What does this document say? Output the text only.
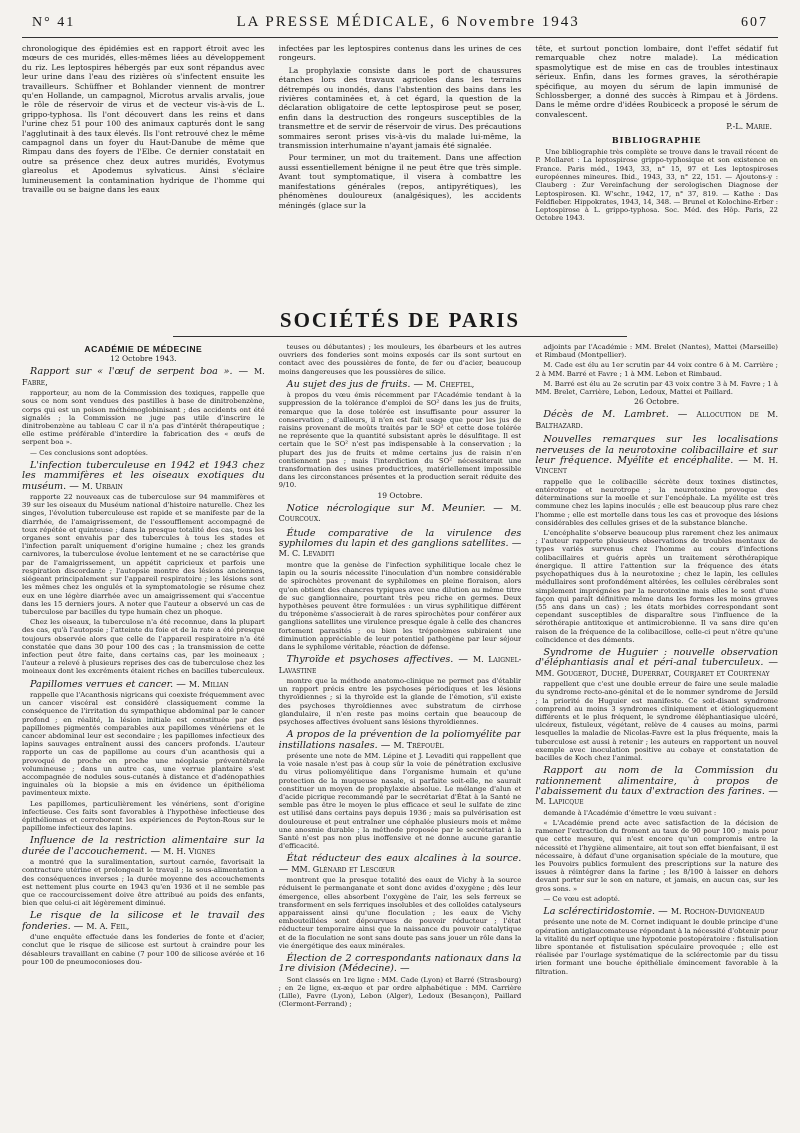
N° 41	LA PRESSE MÉDICALE, 6 Novembre 1943	607

chronologique des épidémies est en rapport étroit avec les mœurs de ces muridés, elles-mêmes liées au développement du riz. Les leptospires hébergés par eux sont répandus avec leur urine dans l'eau des rizières où s'infectent ensuite les travailleurs. Schüffner et Bohlander viennent de montrer qu'en Hollande, un campagnol, Microtus arvalis arvalis, joue le rôle de réservoir de virus et de vecteur vis-à-vis de L. grippo-typhosa. Ils l'ont découvert dans les reins et dans l'urine chez 51 pour 100 des animaux capturés dont le sang l'agglutinait à des taux élevés. Ils l'ont retrouvé chez le même campagnol dans un foyer du Haut-Danube de même que Rimpau dans des foyers de l'Elbe. Ce dernier constatait en outre sa présence chez deux autres muridés, Evotymus glareolus et Apodemus sylvaticus. Ainsi s'éclaire lumineusement la contamination hydrique de l'homme qui travaille ou se baigne dans les eaux

infectées par les leptospires contenus dans les urines de ces rongeurs.

La prophylaxie consiste dans le port de chaussures étanches lors des travaux agricoles dans les terrains détrempés ou inondés, dans l'abstention des bains dans les rivières contaminées et, à cet égard, la question de la déclaration obligatoire de cette leptospirose peut se poser, enfin dans la destruction des rongeurs susceptibles de la transmettre et de servir de réservoir de virus. Des précautions sommaires seront prises vis-à-vis du malade lui-même, la transmission interhumaine n'ayant jamais été signalée.

Pour terminer, un mot du traitement. Dans une affection aussi essentiellement bénigne il ne peut être que très simple. Avant tout symptomatique, il visera à combattre les manifestations générales (repos, antipyrétiques), les phénomènes douloureux (analgésiques), les accidents méningés (glace sur la

tête, et surtout ponction lombaire, dont l'effet sédatif fut remarquable chez notre malade). La médication spasmolytique est de mise en cas de troubles intestinaux sérieux. Enfin, dans les formes graves, la sérothérapie spécifique, au moyen du sérum de lapin immunisé de Schlossberger, a donné des succès à Rimpau et à Jördens. Dans le même ordre d'idées Roubiceck a proposé le sérum de convalescent.

P.-L. Marie.
BIBLIOGRAPHIE

Une bibliographie très complète se trouve dans le travail récent de P. Mollaret : La leptospirose grippo-typhosique et son existence en France. Paris méd., 1943, 33, n° 15, 97 et Les leptospiroses européennes mineures. Ibid., 1943, 33, n° 22, 151. — Ajoutons-y : Clauberg : Zur Vereinfachung der serologischen Diagnose der Leptospirosen. Kl. W'schr., 1942, 17, n° 37, 819. — Kathe : Das Feldfieber. Hippokrates, 1943, 14, 348. — Brunel et Kolochine-Erber : Leptospirose à L. grippo-typhosa. Soc. Méd. des Hôp. Paris, 22 Octobre 1943.

SOCIÉTÉS DE PARIS
ACADÉMIE DE MÉDECINE
12 Octobre 1943.
Rapport sur « l'œuf de serpent boa ». — M. Fabre,

rapporteur, au nom de la Commission des toxiques, rappelle que sous ce nom sont vendues des pastilles à base de dinitrobenzène, corps qui est un poison méthémoglobinisant ; des accidents ont été signalés ; la Commission ne juge pas utile d'inscrire le dinitrobenzène au tableau C car il n'a pas d'intérêt thérapeutique ; elle estime préférable d'interdire la fabrication des « œufs de serpent boa ».

— Ces conclusions sont adoptées.

L'infection tuberculeuse en 1942 et 1943 chez les mammifères et les oiseaux exotiques du muséum. — M. Urbain

rapporte 22 nouveaux cas de tuberculose sur 94 mammifères et 39 sur les oiseaux du Muséum national d'histoire naturelle. Chez les singes, l'évolution tuberculeuse est rapide et se manifeste par de la diarrhée, de l'amaigrissement, de l'essoufflement accompagné de toux répétée et quinteuse ; dans la presque totalité des cas, tous les organes sont envahis par des tubercules à tous les stades et l'infection paraît uniquement d'origine humaine ; chez les grands carnivores, la tuberculose évolue lentement et ne se caractérise que par de l'amaigrissement, un appétit capricieux et parfois une respiration discordante ; l'autopsie montre des lésions anciennes, siégeant principalement sur l'appareil respiratoire ; les lésions sont les mêmes chez les ongulés et la symptomatologie se résume chez eux en une légère diarrhée avec un amaigrissement qui s'accentue dans les 15 derniers jours. A noter que l'auteur a observé un cas de tuberculose par bacilles du type humain chez un phoque.

Chez les oiseaux, la tuberculose n'a été reconnue, dans la plupart des cas, qu'à l'autopsie ; l'atteinte du foie et de la rate a été presque toujours observée alors que celle de l'appareil respiratoire n'a été constatée que dans 30 pour 100 des cas ; la transmission de cette infection peut être faite, dans certains cas, par les moineaux ; l'auteur a relevé à plusieurs reprises des cas de tuberculose chez les moineaux dont les excréments étaient riches en bacilles tuberculeux.

Papillomes verrues et cancer. — M. Milian

rappelle que l'Acanthosis nigricans qui coexiste fréquemment avec un cancer viscéral est considéré classiquement comme la conséquence de l'irritation du sympathique abdominal par le cancer profond ; en réalité, la lésion initiale est constituée par des papillomes pigmentés comparables aux papillomes vénériens et le cancer abdominal leur est secondaire ; les papillomes infectieux des lapins sauvages entraînent aussi des cancers profonds. L'auteur rapporte un cas de papillome au cours d'un acanthosis qui a provoqué de proche en proche une néoplasie préventébrale volumineuse ; dans un autre cas, une verrue plantaire s'est accompagnée de nodules sous-cutanés à distance et d'adénopathies inguinales où la biopsie a mis en évidence un épithélioma pavimenteux mixte.

Les papillomes, particulièrement les vénériens, sont d'origine infectieuse. Ces faits sont favorables à l'hypothèse infectieuse des épithéliomas et corroborent les expériences de Peyton-Rous sur le papillome infectieux des lapins.

Influence de la restriction alimentaire sur la durée de l'accouchement. — M. H. Vignes

a montré que la suralimentation, surtout carnée, favorisait la contracture utérine et prolongeait le travail ; la sous-alimentation a des conséquences inverses ; la durée moyenne des accouchements est nettement plus courte en 1943 qu'en 1936 et il ne semble pas que ce raccourcissement doive être attribué au poids des enfants, bien que celui-ci ait légèrement diminué.

Le risque de la silicose et le travail des fonderies. — M. A. Feil,

d'une enquête effectuée dans les fonderies de fonte et d'acier, conclut que le risque de silicose est surtout à craindre pour les désableurs travaillant en cabine (7 pour 100 de silicose avérée et 16 pour 100 de pneumoconioses dou-

teuses ou débutantes) ; les mouleurs, les ébarbeurs et les autres ouvriers des fonderies sont moins exposés car ils sont surtout en contact avec des poussières de fonte, de fer ou d'acier, beaucoup moins dangereuses que les poussières de silice.

Au sujet des jus de fruits. — M. Cheftel,

à propos du vœu émis récemment par l'Académie tendant à la suppression de la tolérance d'emploi de SO² dans les jus de fruits, remarque que la dose tolérée est insuffisante pour assurer la conservation ; d'ailleurs, il n'en est fait usage que pour les jus de raisins provenant de moûts traités par le SO² et cette dose tolérée ne représente que la quantité subsistant après le désulfitage. Il est certain que le SO² n'est pas indispensable à la conservation ; la plupart des jus de fruits et même certains jus de raisin n'en contiennent pas ; mais l'interdiction du SO² nécessiterait une transformation des usines productrices, matériellement impossible dans les circonstances présentes et la production serait réduite des 9/10.

19 Octobre.
Notice nécrologique sur M. Meunier. — M. Courcoux.
Étude comparative de la virulence des syphilomes du lapin et des ganglions satellites. — M. C. Levaditi

montre que la genèse de l'infection syphilitique locale chez le lapin ou la souris nécessite l'inoculation d'un nombre considérable de spirochètes provenant de syphilomes en pleine floraison, alors qu'on obtient des chancres typiques avec une dilution au même titre de suc ganglionnaire, pourtant très peu riche en germes. Deux hypothèses peuvent être formulées : un virus syphilitique différent du tréponème s'associerait à de rares spirochètes pour conférer aux ganglions satellites une virulence presque égale à celle des chancres fortement parasités ; ou bien les tréponèmes subiraient une diminution appréciable de leur potentiel pathogène par leur séjour dans le syphilome véritable, réaction de défense.

Thyroïde et psychoses affectives. — M. Laignel-Lavastine

montre que la méthode anatomo-clinique ne permet pas d'établir un rapport précis entre les psychoses périodiques et les lésions thyroïdiennes ; si la thyroïde est la glande de l'émotion, s'il existe des psychoses thyroïdiennes avec substratum de cirrhose glandulaire, il n'en reste pas moins certain que beaucoup de psychoses affectives évoluent sans lésions thyroïdiennes.

A propos de la prévention de la poliomyélite par instillations nasales. — M. Tréfouël

présente une note de MM. Lépine et J. Levaditi qui rappellent que la voie nasale n'est pas à coup sûr la voie de pénétration exclusive du virus poliomyélitique dans l'organisme humain et qu'une protection de la muqueuse nasale, si parfaite soit-elle, ne saurait constituer un moyen de prophylaxie absolue. Le mélange d'alun et d'acide picrique recommandé par le secrétariat d'État à la Santé ne semble pas être le moyen le plus efficace et seul le sulfate de zinc est utilisé dans certains pays depuis 1936 ; mais sa pulvérisation est douloureuse et peut entraîner une céphalée plusieurs mois et même une anosmie durable ; la méthode proposée par le secrétariat à la Santé n'est pas non plus inoffensive et ne donne aucune garantie d'efficacité.

État réducteur des eaux alcalines à la source. — MM. Glénard et Lescœur

montrent que la presque totalité des eaux de Vichy à la source réduisent le permanganate et sont donc avides d'oxygène ; dès leur émergence, elles absorbent l'oxygène de l'air, les sels ferreux se transforment en sels ferriques insolubles et des colloïdes catalyseurs apparaissent ainsi qu'une floculation ; les eaux de Vichy embouteillées sont dépourvues de pouvoir réducteur ; l'état réducteur temporaire ainsi que la naissance du pouvoir catalytique et de la floculation ne sont sans doute pas sans jouer un rôle dans la vie énergétique des eaux minérales.

Élection de 2 correspondants nationaux dans la 1re division (Médecine). —

Sont classés en 1re ligne : MM. Cade (Lyon) et Barré (Strasbourg) ; en 2e ligne, ex-æquo et par ordre alphabétique : MM. Carrière (Lille), Favre (Lyon), Lebon (Alger), Ledoux (Besançon), Paillard (Clermont-Ferrand) ;

adjoints par l'Académie : MM. Brelet (Nantes), Mattei (Marseille) et Rimbaud (Montpellier).

M. Cade est élu au 1er scrutin par 44 voix contre 6 à M. Carrière ; 2 à MM. Barré et Favre ; 1 à MM. Lebon et Rimbaud.

M. Barré est élu au 2e scrutin par 43 voix contre 3 à M. Favre ; 1 à MM. Brelet, Carrière, Lebon, Ledoux, Mattei et Paillard.

26 Octobre.
Décès de M. Lambret. — Allocution de M. Balthazard.
Nouvelles remarques sur les localisations nerveuses de la neurotoxine colibacillaire et sur leur fréquence. Myélite et encéphalite. — M. H. Vincent

rappelle que le colibacille sécrète deux toxines distinctes, entérotrope et neurotrope ; la neurotoxine provoque des déterminations sur la moelle et sur l'encéphale. La myélite est très commune chez les lapins inoculés ; elle est beaucoup plus rare chez l'homme ; elle est mortelle dans tous les cas et provoque des lésions considérables des cellules grises et de la substance blanche.

L'encéphalite s'observe beaucoup plus rarement chez les animaux ; l'auteur rapporte plusieurs observations de troubles mentaux de types variés survenus chez l'homme au cours d'infections colibacillaires et guéris après un traitement sérothérapique énergique. Il attire l'attention sur la fréquence des états psychopathiques dus à la neurotoxine ; chez le lapin, les cellules médullaires sont profondément altérées, les cellules cérébrales sont simplement imprégnées par la neurotoxine mais elles le sont d'une façon qui paraît définitive même dans les formes les moins graves (55 ans dans un cas) ; les états morbides correspondant sont cependant susceptibles de disparaître sous l'influence de la sérothérapie antitoxique et antimicrobienne. Il va sans dire qu'en raison de la fréquence de la colibacillose, celle-ci peut n'être qu'une coïncidence et des déments.

Syndrome de Huguier : nouvelle observation d'éléphantiasis anal et péri-anal tuberculeux. — MM. Gougerot, Duché, Duperrat, Courjaret et Courtenay

rappellent que c'est une double erreur de faire une seule maladie du syndrome recto-ano-génital et de le nommer syndrome de Jersild ; la priorité de Huguier est manifeste. Ce soit-disant syndrome comprend au moins 3 syndromes cliniquement et étiologiquement différents et le plus fréquent, le syndrome éléphantiasique ulcéré, ulcéreux, fistuleux, végétant, relève de 4 causes au moins, parmi lesquelles la maladie de Nicolas-Favre est la plus fréquente, mais la tuberculose est aussi à retenir ; les auteurs en rapportent un nouvel exemple avec inoculation positive au cobaye et constatation de bacilles de Koch chez l'animal.

Rapport au nom de la Commission du rationnement alimentaire, à propos de l'abaissement du taux d'extraction des farines. — M. Lapicque

demande à l'Académie d'émettre le vœu suivant :

« L'Académie prend acte avec satisfaction de la décision de ramener l'extraction du froment au taux de 90 pour 100 ; mais pour que cette mesure, qui n'est encore qu'un compromis entre la nécessité et l'hygiène alimentaire, ait tout son effet bienfaisant, il est nécessaire, à défaut d'une organisation spéciale de la mouture, que les Pouvoirs publics formulent des prescriptions sur la nature des issues à réintégrer dans la farine ; les 8/100 à laisser en dehors devant porter sur le son en nature, et jamais, en aucun cas, sur les gros sons. »

— Ce vœu est adopté.

La sclérectiridostomie. — M. Rochon-Duvigneaud

présente une note de M. Cornet indiquant le double principe d'une opération antiglaucomateuse répondant à la nécessité d'obtenir pour la vitalité du nerf optique une hypotonie postopératoire : fistulisation libre spontanée et fistulisation spéculaire provoquée ; elle est réalisée par l'ourlage systématique de la sclérectomie par du tissu irien formant une bouche épithéliale émincement favorable à la filtration.
